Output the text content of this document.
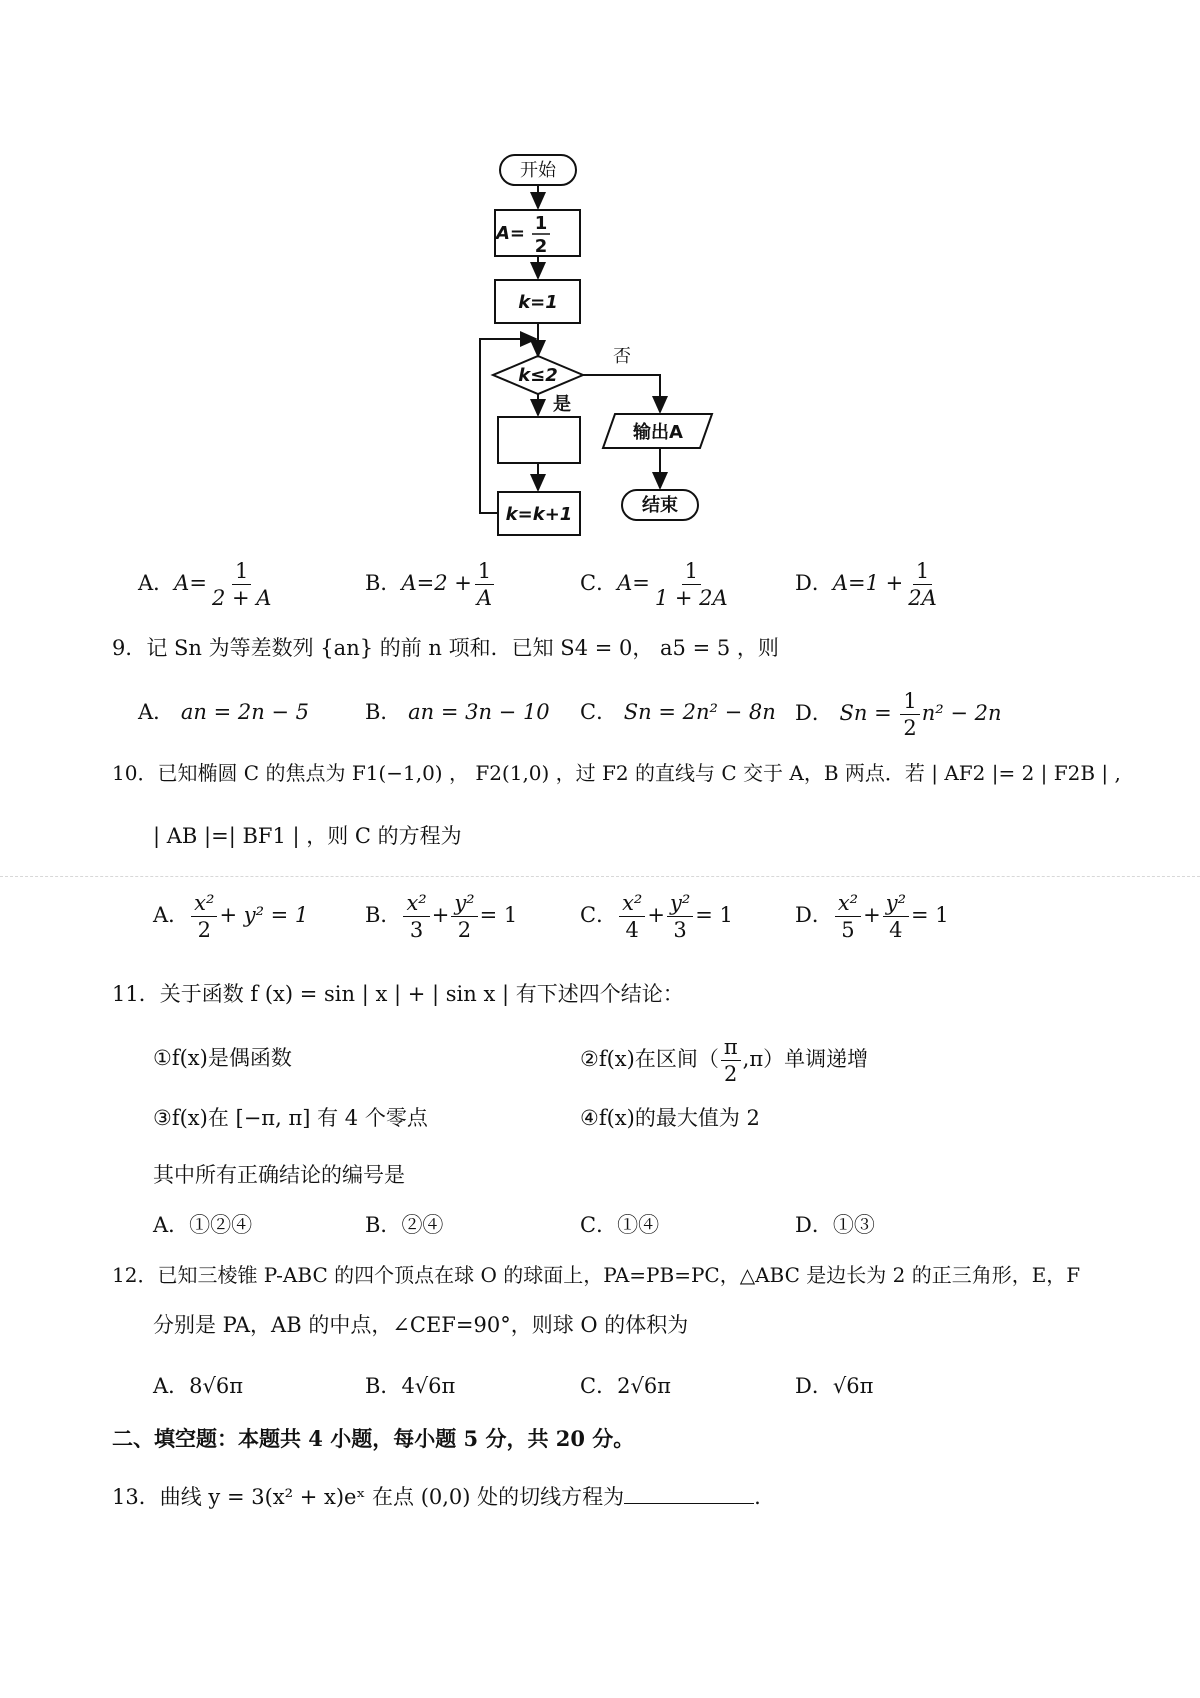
开始
A= 1
2
k=1
k≤2
否
是
输出A
结束
k=k+1
A．$A= \frac{1}{2 + A}$	B．$A=2 + \frac{1}{A}$	C．$A= \frac{1}{1 + 2A}$	D．$A=1 + \frac{1}{2A}$
9．记 Sn 为等差数列 {an} 的前 n 项和．已知 S4 = 0， a5 = 5 ，则
A． an = 2n − 5	B． an = 3n − 10 C． Sn = 2n² − 8n D． $Sn = \frac{1}{2} n^2 - 2n$
10．已知椭圆 C 的焦点为 F1(−1,0) ， F2(1,0) ，过 F2 的直线与 C 交于 A，B 两点．若 | AF2 |= 2 | F2B | ,
| AB |=| BF1 | ，则 C 的方程为
A． $\frac{\text{x²}}{2} + y^2 = 1$	B． $\frac{\text{x²}}{3} + \frac{\text{y²}}{2} = 1$	C． $\frac{\text{x²}}{4} + \frac{\text{y²}}{3} = 1$	D． $\frac{\text{x²}}{5} + \frac{\text{y²}}{4} = 1$
11．关于函数 f (x) = sin | x | + | sin x | 有下述四个结论：
①f(x)是偶函数	②f(x)在区间（ $\frac{\pi}{2} ,\pi$）单调递增
③f(x)在 [−π, π] 有 4 个零点	④f(x)的最大值为 2
其中所有正确结论的编号是
A．①②④	B．②④	C．①④	D．①③
12．已知三棱锥 P-ABC 的四个顶点在球 O 的球面上，PA=PB=PC，△ABC 是边长为 2 的正三角形，E，F
分别是 PA，AB 的中点，∠CEF=90°，则球 O 的体积为
A．8√6π	B．4√6π	C．2√6π	D．√6π
二、填空题：本题共 4 小题，每小题 5 分，共 20 分。
13．曲线 y = 3(x² + x)eˣ 在点 (0,0) 处的切线方程为	.
